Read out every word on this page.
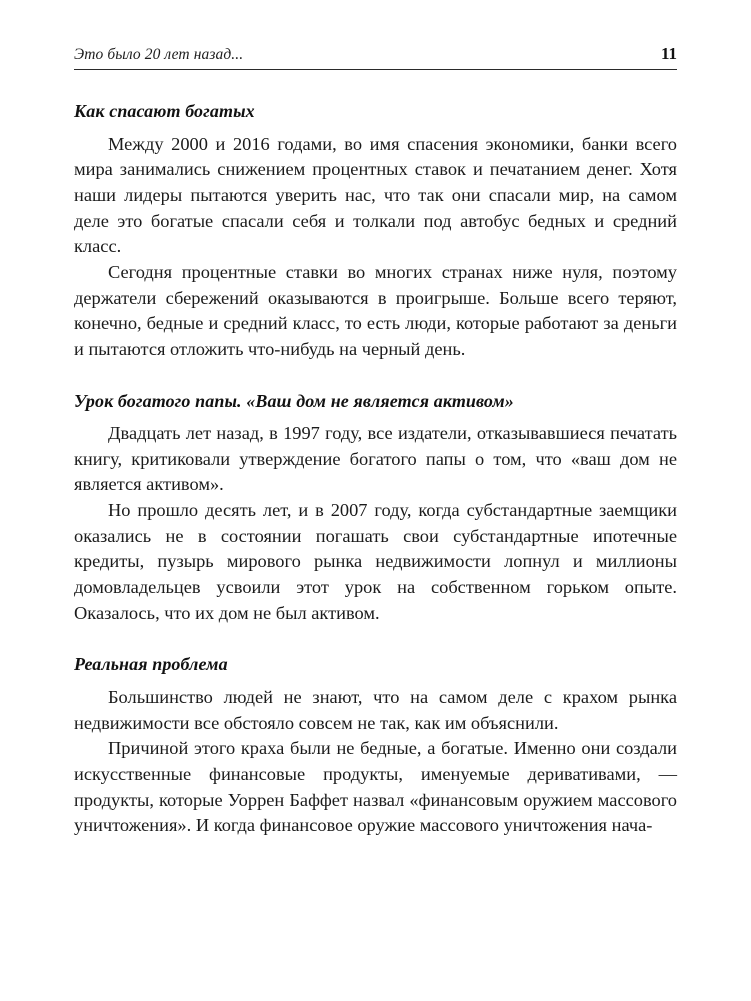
Это было 20 лет назад...	11
Как спасают богатых

Между 2000 и 2016 годами, во имя спасения экономики, банки всего мира занимались снижением процентных ставок и печатанием денег. Хотя наши лидеры пытаются уверить нас, что так они спасали мир, на самом деле это богатые спасали себя и толкали под автобус бедных и средний класс.

Сегодня процентные ставки во многих странах ниже нуля, поэтому держатели сбережений оказываются в проигрыше. Больше всего теряют, конечно, бедные и средний класс, то есть люди, которые работают за деньги и пытаются отложить что-нибудь на черный день.

Урок богатого папы. «Ваш дом не является активом»

Двадцать лет назад, в 1997 году, все издатели, отказывавшиеся печатать книгу, критиковали утверждение богатого папы о том, что «ваш дом не является активом».

Но прошло десять лет, и в 2007 году, когда субстандартные заемщики оказались не в состоянии погашать свои субстандартные ипотечные кредиты, пузырь мирового рынка недвижимости лопнул и миллионы домовладельцев усвоили этот урок на собственном горьком опыте. Оказалось, что их дом не был активом.

Реальная проблема

Большинство людей не знают, что на самом деле с крахом рынка недвижимости все обстояло совсем не так, как им объяснили.

Причиной этого краха были не бедные, а богатые. Именно они создали искусственные финансовые продукты, именуемые деривативами, — продукты, которые Уоррен Баффет назвал «финансовым оружием массового уничтожения». И когда финансовое оружие массового уничтожения нача-
